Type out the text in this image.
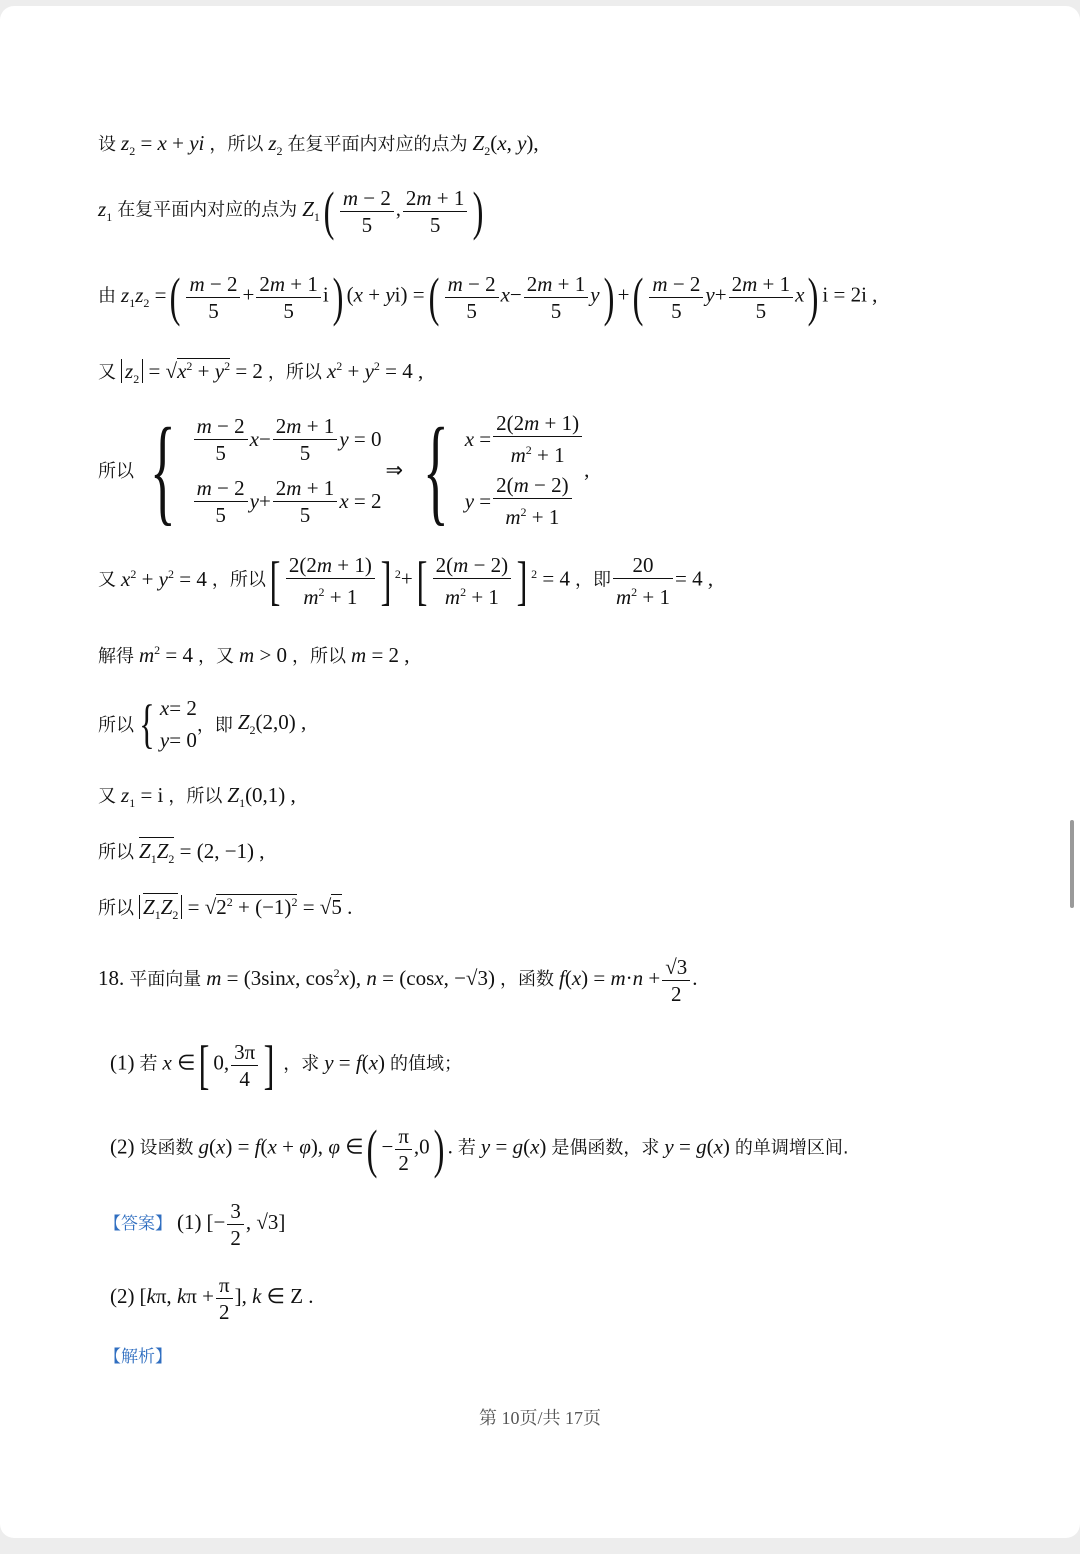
设 $z_2 = x$ + yi ，所以 $z_2$ 在复平面内对应的点为 $Z_2(x$, y),
$z_1$ 在复平面内对应的点为 $Z_1( \frac{m - 2}{5}$ , $\frac{2m + 1}{5}$ )
由 $z_1z_2$ =( $\frac{m - 2}{5} + \frac{2m + 1}{5} i$) (x + yi) =( $\frac{m - 2}{5} x- \frac{2m + 1}{5} y$) +( $\frac{m - 2}{5} y+ \frac{2m + 1}{5} x$) i = 2i ,
又 $z_2 = √x^2 + y^2 = 2$ ，所以 $x^2 + y^2 = 4$ ,
所以 { $\frac{m - 2}{5}$ $x - \frac{2m + 1}{5}$ y = 0
$\frac{m - 2}{5}$ $y + \frac{2m + 1}{5}$ x = 2
⇒ { $x = \frac{2(2m + 1)}{m^2 + 1}$
$y = \frac{2(m - 2)}{m^2 + 1}$
,
又 $x^2 + y^2 = 4$ ，所以[ $\frac{2(2m + 1)}{m^2 + 1}$ ] $^2+[ \frac{2(m - 2)}{m^2 + 1}$ ] $^2$ = 4 ，即 $\frac{20}{m^2 + 1} = 4$ ,
解得 $m^2 = 4$ ，又 m > 0 ，所以 m = 2 ,
所以{ x = 2
y = 0
，即 $Z_2(2,0)$ ,
又 $z_1 = i$ ，所以 $Z_1(0,1)$ ,
所以 $Z_1Z_2 = (2$, −1) ,
所以 $Z_1Z_2 = √2^2 + (-1)^2 = √5$ .
18. 平面向量 m = (3sinx, $\cos^2x$), n = (cosx, −√3) ，函数 $f(x) = m\cdot n + \frac{√3}{2}$ .
(1) 若 x ∈[ 0, $\frac{3\pi}{4}$ ] ，求 y = f(x) 的值域；
(2) 设函数 g(x) = f(x + φ), φ ∈( − $\frac{\pi}{2} ,0$) . 若 y = g(x) 是偶函数，求 y = g(x) 的单调增区间.
【答案】 (1) [− $\frac{3}{2}$ , √3]
(2) [kπ, $k\pi + \frac{\pi}{2}$ ], k ∈ Z .
【解析】
第 10页/共 17页
